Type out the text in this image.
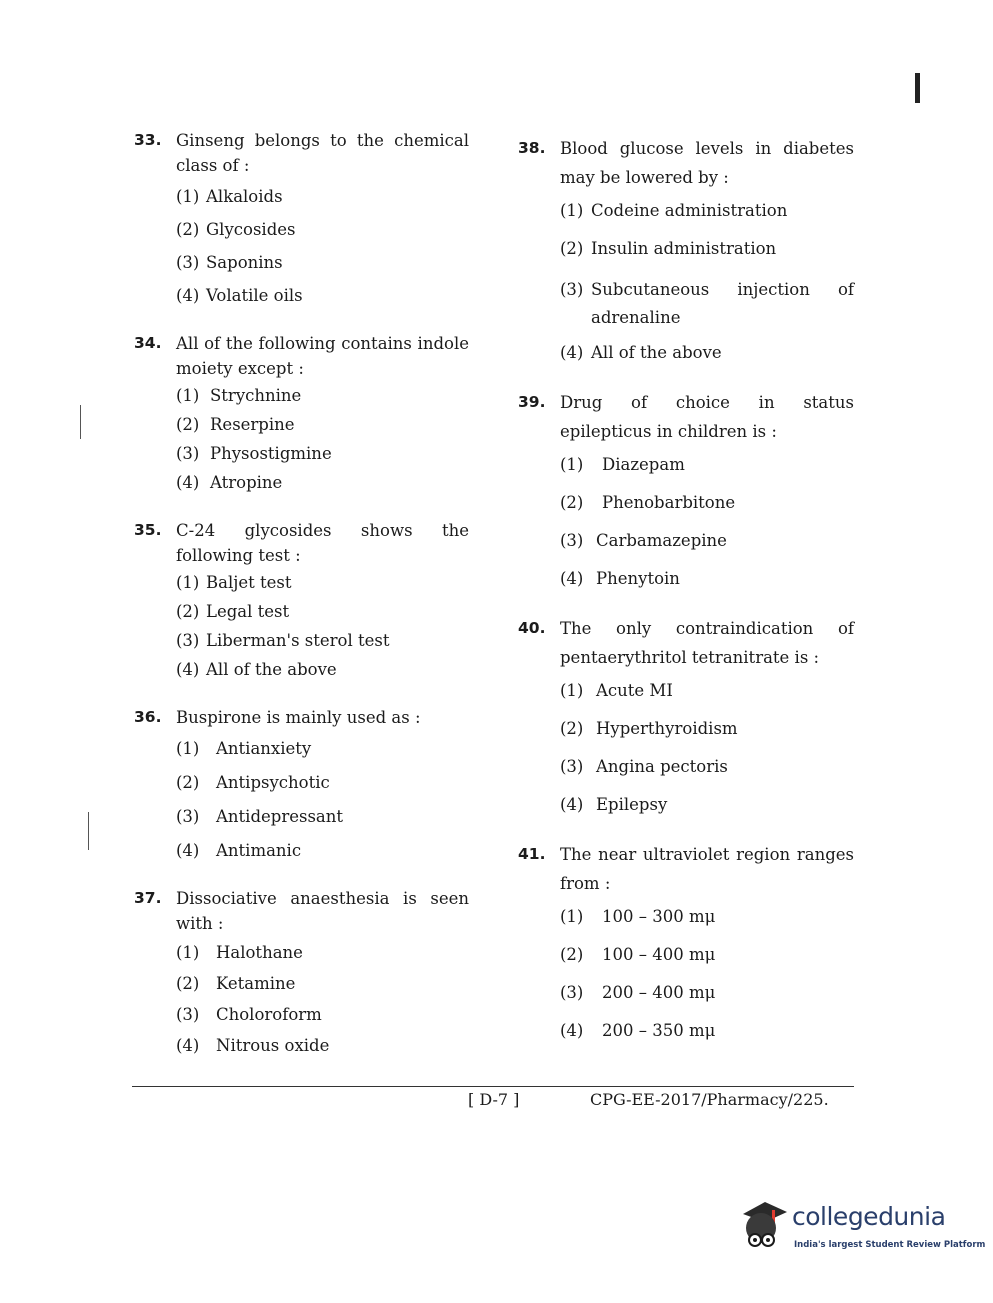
33. Ginseng belongs to the chemical class of :
(1) Alkaloids
(2) Glycosides
(3) Saponins
(4) Volatile oils
34. All of the following contains indole moiety except :
(1) Strychnine
(2) Reserpine
(3) Physostigmine
(4) Atropine
35. C-24 glycosides shows the following test :
(1) Baljet test
(2) Legal test
(3) Liberman's sterol test
(4) All of the above
36. Buspirone is mainly used as :
(1)	Antianxiety
(2)	Antipsychotic
(3)	Antidepressant
(4)	Antimanic
37. Dissociative anaesthesia is seen with :
(1)	Halothane
(2)	Ketamine
(3)	Choloroform
(4)	Nitrous oxide
38. Blood glucose levels in diabetes may be lowered by :
(1) Codeine administration
(2) Insulin administration
(3) Subcutaneous injection of adrenaline
(4) All of the above
39. Drug of choice in status epilepticus in children is :
(1)	Diazepam
(2)	Phenobarbitone
(3) Carbamazepine
(4) Phenytoin
40. The only contraindication of pentaerythritol tetranitrate is :
(1) Acute MI
(2) Hyperthyroidism
(3) Angina pectoris
(4) Epilepsy
41. The near ultraviolet region ranges from :
(1)	100 – 300 mμ
(2)	100 – 400 mμ
(3)	200 – 400 mμ
(4)	200 – 350 mμ
[ D-7 ]	CPG-EE-2017/Pharmacy/225.
collegedunia
India's largest Student Review Platform
